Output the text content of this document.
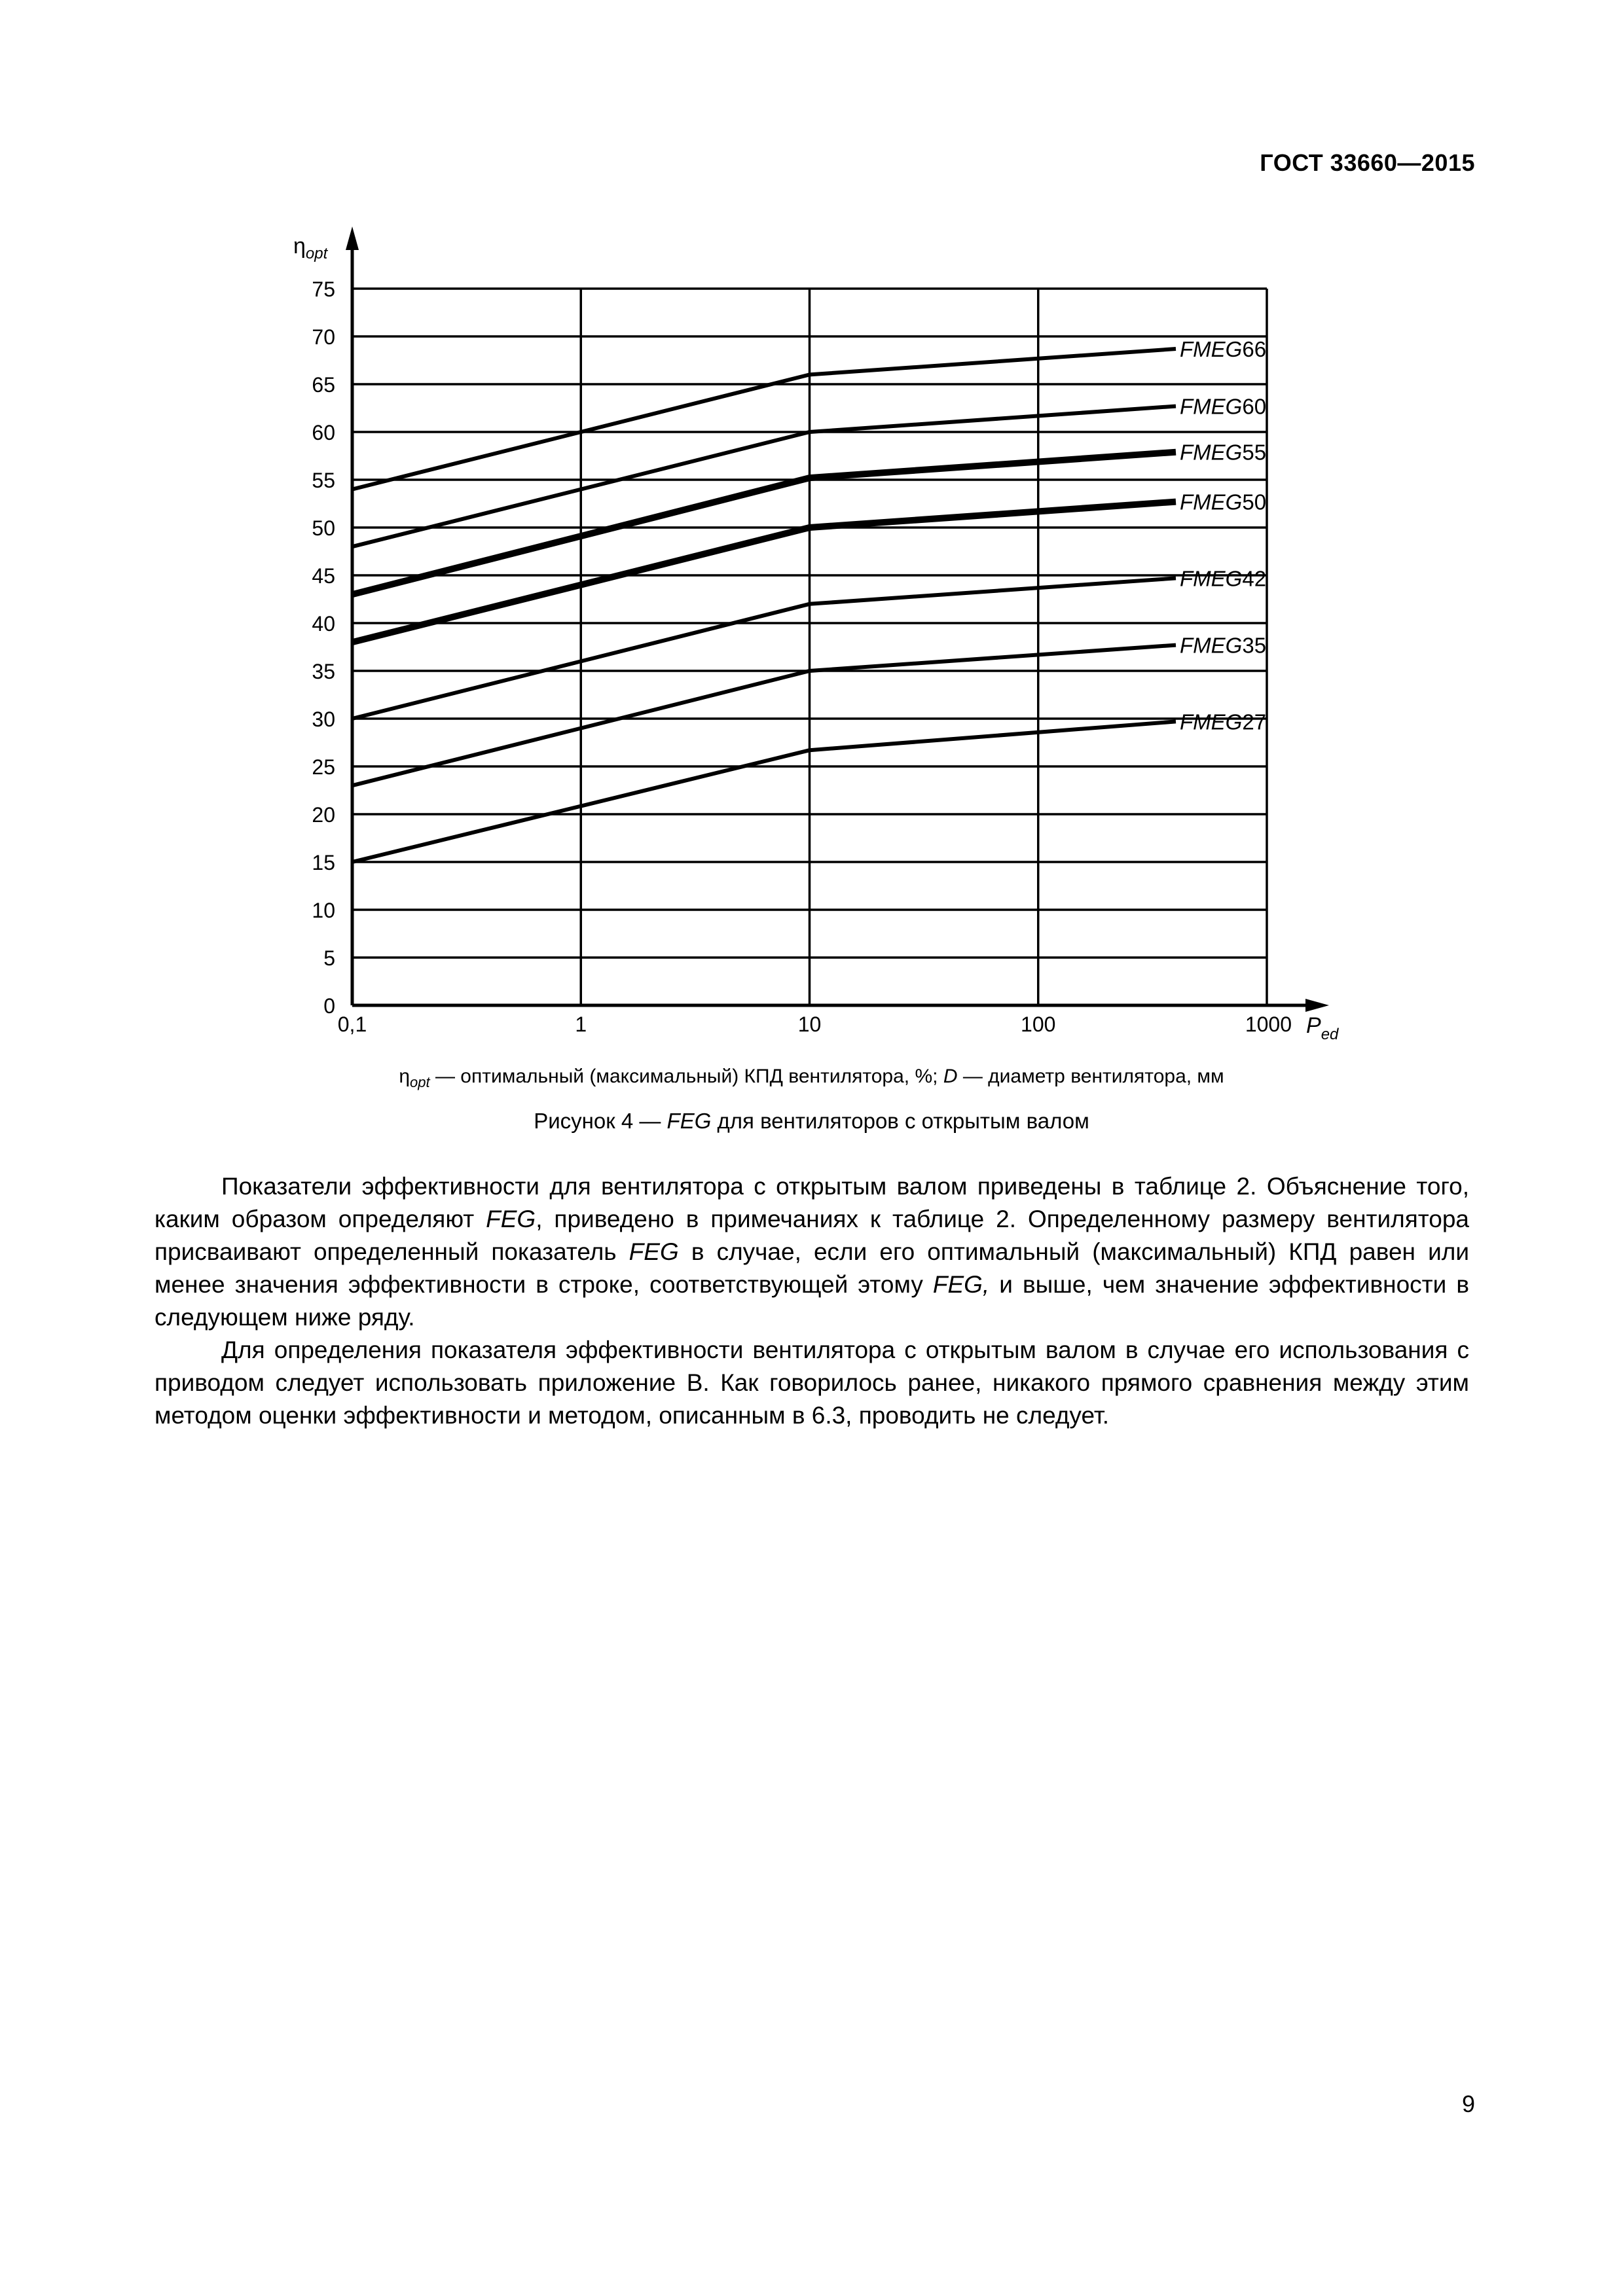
ГОСТ 33660—2015
0
5
10
15
20
25
30
35
40
45
50
55
60
65
70
75
0,1	1	10	100	1000
FMEG66
FMEG60
FMEG55
FMEG50
FMEG42
FMEG35
FMEG27
$\eta_{opt}$
$P_{ed}$
$\eta_{opt}$ — оптимальный (максимальный) КПД вентилятора, %; D — диаметр вентилятора, мм
Рисунок 4 — FEG для вентиляторов с открытым валом

Показатели эффективности для вентилятора с открытым валом приведены в таблице 2. Объяснение того, каким образом определяют FEG, приведено в примечаниях к таблице 2. Определенному размеру вентилятора присваивают определенный показатель FEG в случае, если его оптимальный (максимальный) КПД равен или менее значения эффективности в строке, соответствующей этому FEG, и выше, чем значение эффективности в следующем ниже ряду.

Для определения показателя эффективности вентилятора с открытым валом в случае его использования с приводом следует использовать приложение В. Как говорилось ранее, никакого прямого сравнения между этим методом оценки эффективности и методом, описанным в 6.3, проводить не следует.

9
